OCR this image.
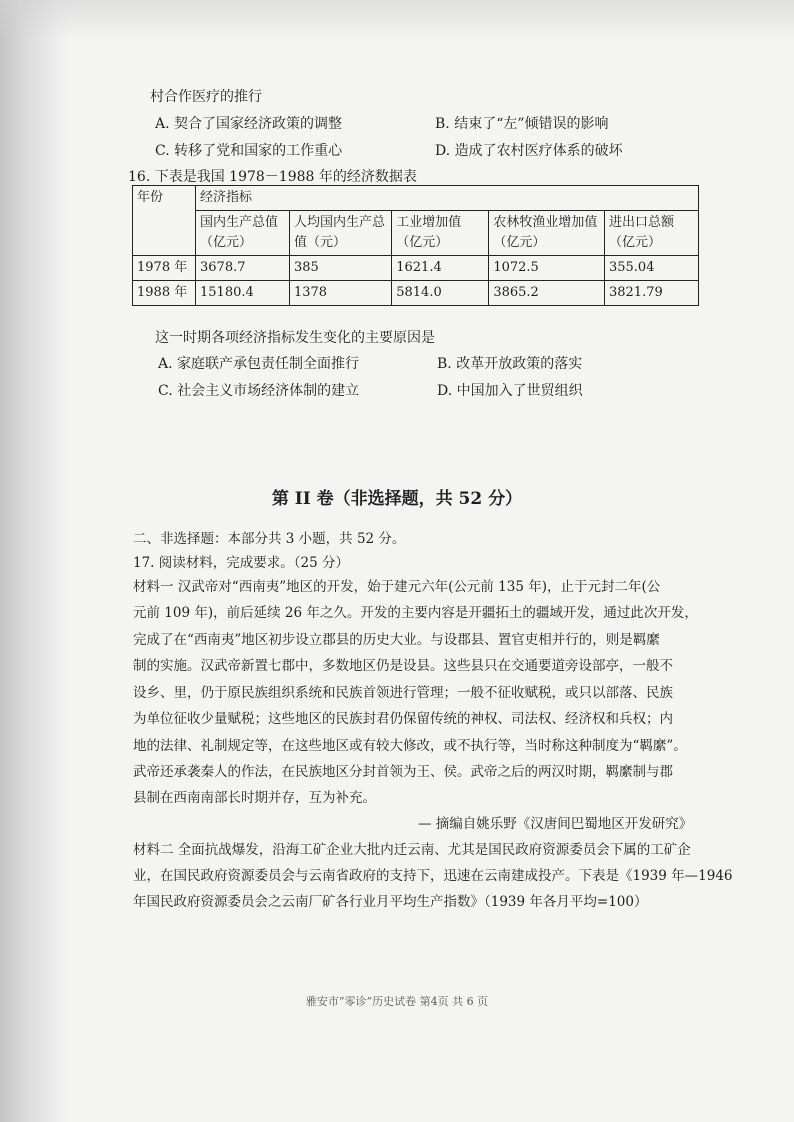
村合作医疗的推行
A. 契合了国家经济政策的调整	B. 结束了“左”倾错误的影响
C. 转移了党和国家的工作重心	D. 造成了农村医疗体系的破坏
16. 下表是我国 1978－1988 年的经济数据表
年份	经济指标				
	国内生产总值（亿元）	人均国内生产总值（元）	工业增加值（亿元）	农林牧渔业增加值（亿元）	进出口总额（亿元）
1978 年	3678.7	385	1621.4	1072.5	355.04
1988 年	15180.4	1378	5814.0	3865.2	3821.79
这一时期各项经济指标发生变化的主要原因是
A. 家庭联产承包责任制全面推行	B. 改革开放政策的落实
C. 社会主义市场经济体制的建立	D. 中国加入了世贸组织
第 II 卷（非选择题，共 52 分）
二、非选择题：本部分共 3 小题，共 52 分。
17. 阅读材料，完成要求。（25 分）
材料一 汉武帝对“西南夷”地区的开发，始于建元六年(公元前 135 年)，止于元封二年(公
元前 109 年)，前后延续 26 年之久。开发的主要内容是开疆拓土的疆域开发，通过此次开发，
完成了在“西南夷”地区初步设立郡县的历史大业。与设郡县、置官吏相并行的，则是羁縻
制的实施。汉武帝新置七郡中，多数地区仍是设县。这些县只在交通要道旁设部亭，一般不
设乡、里，仍于原民族组织系统和民族首领进行管理；一般不征收赋税，或只以部落、民族
为单位征收少量赋税；这些地区的民族封君仍保留传统的神权、司法权、经济权和兵权；内
地的法律、礼制规定等，在这些地区或有较大修改，或不执行等，当时称这种制度为“羁縻”。
武帝还承袭秦人的作法，在民族地区分封首领为王、侯。武帝之后的两汉时期，羁縻制与郡
县制在西南南部长时期并存，互为补充。
— 摘编自姚乐野《汉唐间巴蜀地区开发研究》
材料二 全面抗战爆发，沿海工矿企业大批内迁云南、尤其是国民政府资源委员会下属的工矿企
业，在国民政府资源委员会与云南省政府的支持下，迅速在云南建成投产。下表是《1939 年—1946
年国民政府资源委员会之云南厂矿各行业月平均生产指数》（1939 年各月平均=100）
雅安市“零诊”历史试卷 第4页 共 6 页
